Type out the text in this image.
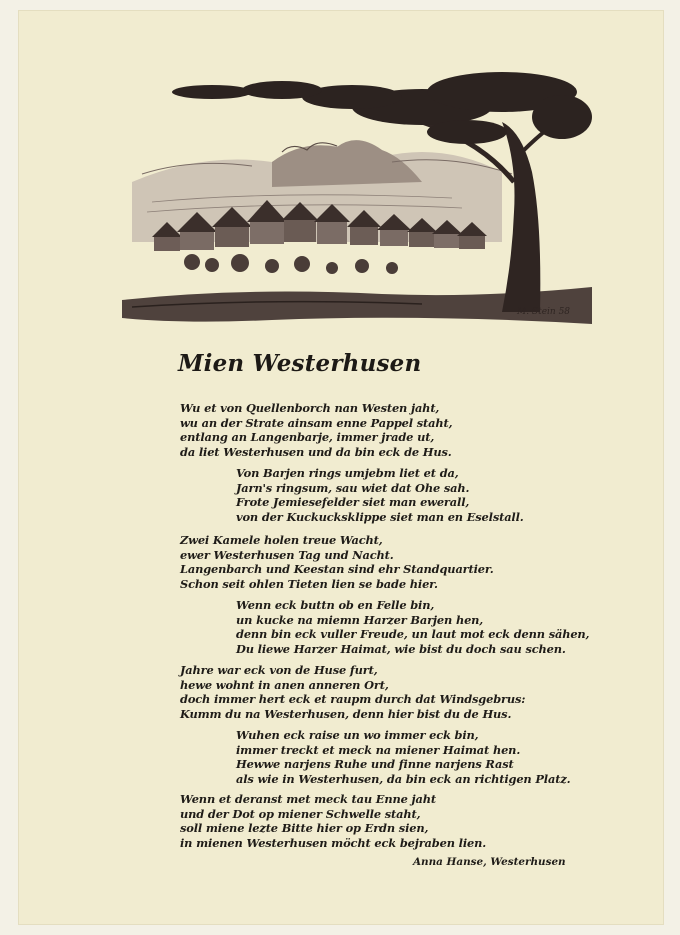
M. Stein 58
Mien Westerhusen
Wu et von Quellenborch nan Westen jaht,
wu an der Strate ainsam enne Pappel staht,
entlang an Langenbarje, immer jrade ut,
da liet Westerhusen und da bin eck de Hus.
Von Barjen rings umjebm liet et da,
Jarn's ringsum, sau wiet dat Ohe sah.
Frote Jemiesefelder siet man ewerall,
von der Kuckucksklippe siet man en Eselstall.
Zwei Kamele holen treue Wacht,
ewer Westerhusen Tag und Nacht.
Langenbarch und Keestan sind ehr Standquartier.
Schon seit ohlen Tieten lien se bade hier.
Wenn eck buttn ob en Felle bin,
un kucke na miemn Harzer Barjen hen,
denn bin eck vuller Freude, un laut mot eck denn sähen,
Du liewe Harzer Haimat, wie bist du doch sau schen.
Jahre war eck von de Huse furt,
hewe wohnt in anen anneren Ort,
doch immer hert eck et raupm durch dat Windsgebrus:
Kumm du na Westerhusen, denn hier bist du de Hus.
Wuhen eck raise un wo immer eck bin,
immer treckt et meck na miener Haimat hen.
Hewwe narjens Ruhe und finne narjens Rast
als wie in Westerhusen, da bin eck an richtigen Platz.
Wenn et deranst met meck tau Enne jaht
und der Dot op miener Schwelle staht,
soll miene lezte Bitte hier op Erdn sien,
in mienen Westerhusen möcht eck bejraben lien.

Anna Hanse, Westerhusen
